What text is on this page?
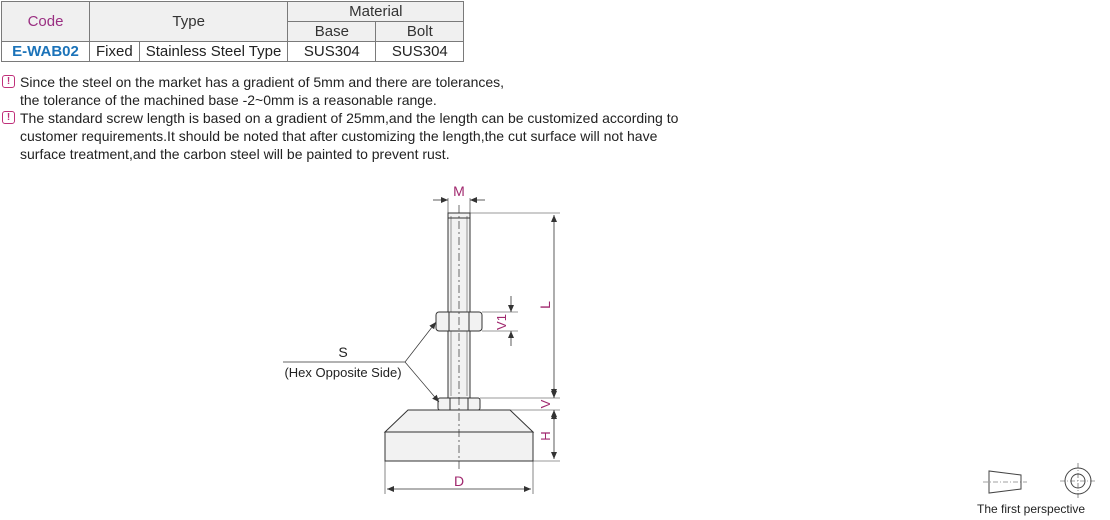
Code	Type		Material	
			Base	Bolt
E-WAB02	Fixed	Stainless Steel Type	SUS304	SUS304
! Since the steel on the market has a gradient of 5mm and there are tolerances,
the tolerance of the machined base -2~0mm is a reasonable range.
! The standard screw length is based on a gradient of 25mm,and the length can be customized according to
customer requirements.It should be noted that after customizing the length,the cut surface will not have
surface treatment,and the carbon steel will be painted to prevent rust.
M
L
V1
V
H
D
S
(Hex Opposite Side)
The first perspective
